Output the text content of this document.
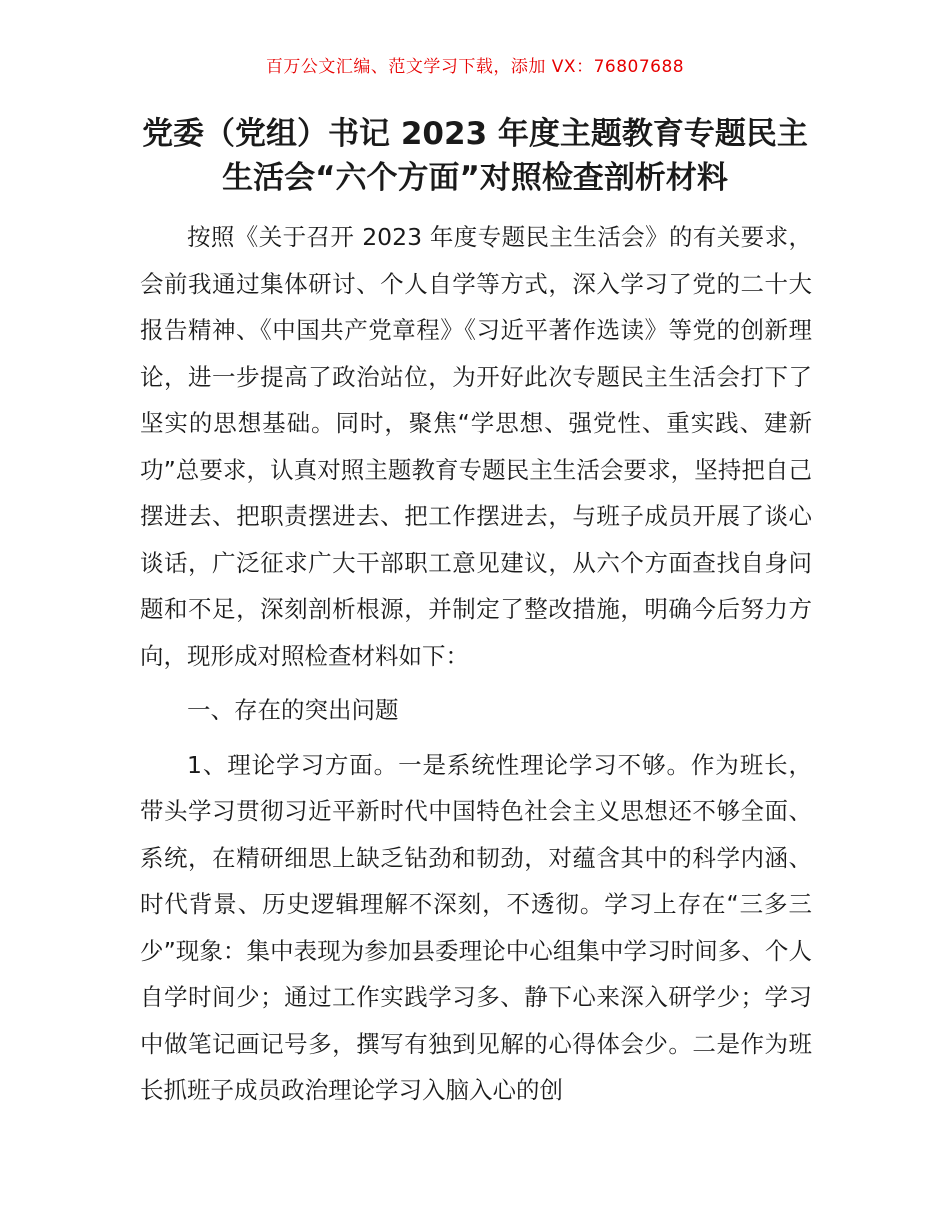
百万公文汇编、范文学习下载，添加 VX：76807688
党委（党组）书记 2023 年度主题教育专题民主
生活会“六个方面”对照检查剖析材料

按照《关于召开 2023 年度专题民主生活会》的有关要求，会前我通过集体研讨、个人自学等方式，深入学习了党的二十大报告精神、《中国共产党章程》《习近平著作选读》等党的创新理论，进一步提高了政治站位，为开好此次专题民主生活会打下了坚实的思想基础。同时，聚焦“学思想、强党性、重实践、建新功”总要求，认真对照主题教育专题民主生活会要求，坚持把自己摆进去、把职责摆进去、把工作摆进去，与班子成员开展了谈心谈话，广泛征求广大干部职工意见建议，从六个方面查找自身问题和不足，深刻剖析根源，并制定了整改措施，明确今后努力方向，现形成对照检查材料如下：

一、存在的突出问题

1、理论学习方面。一是系统性理论学习不够。作为班长，带头学习贯彻习近平新时代中国特色社会主义思想还不够全面、系统，在精研细思上缺乏钻劲和韧劲，对蕴含其中的科学内涵、时代背景、历史逻辑理解不深刻，不透彻。学习上存在“三多三少”现象：集中表现为参加县委理论中心组集中学习时间多、个人自学时间少；通过工作实践学习多、静下心来深入研学少；学习中做笔记画记号多，撰写有独到见解的心得体会少。二是作为班长抓班子成员政治理论学习入脑入心的创
